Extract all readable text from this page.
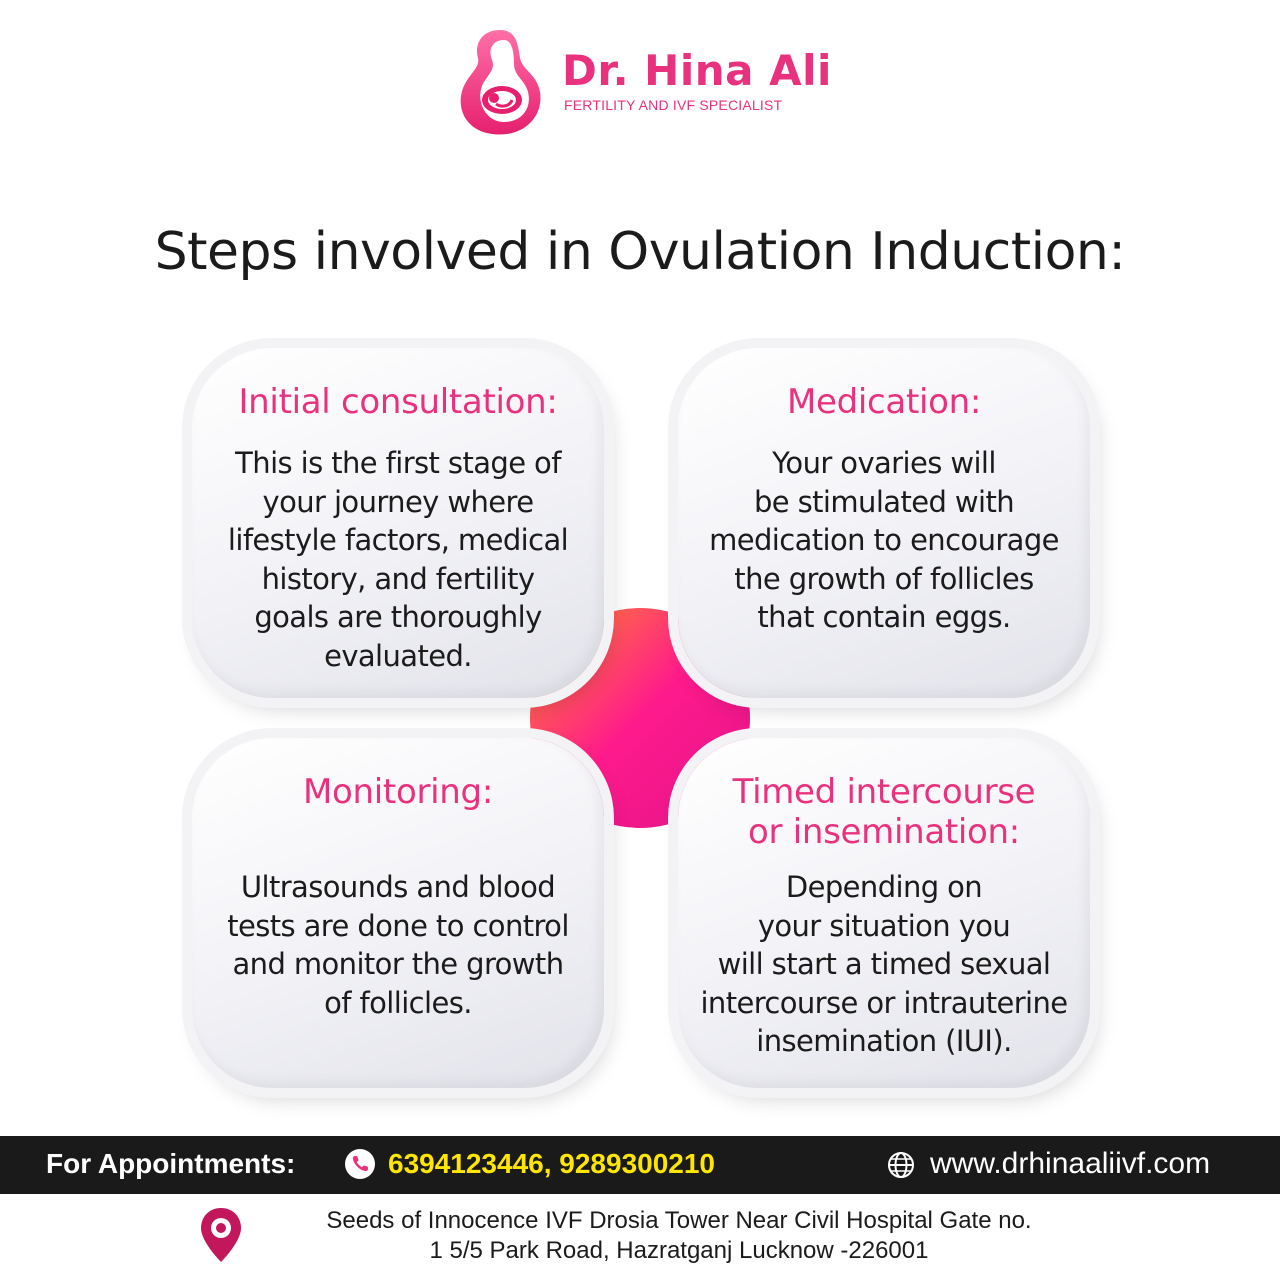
Dr. Hina Ali
FERTILITY AND IVF SPECIALIST
Steps involved in Ovulation Induction:
Initial consultation:
This is the first stage of
your journey where
lifestyle factors, medical
history, and fertility
goals are thoroughly
evaluated.
Medication:
Your ovaries will
be stimulated with
medication to encourage
the growth of follicles
that contain eggs.
Monitoring:
Ultrasounds and blood
tests are done to control
and monitor the growth
of follicles.
Timed intercourse
or insemination:
Depending on
your situation you
will start a timed sexual
intercourse or intrauterine
insemination (IUI).
For Appointments:	6394123446, 9289300210	www.drhinaaliivf.com
Seeds of Innocence IVF Drosia Tower Near Civil Hospital Gate no.
1 5/5 Park Road, Hazratganj Lucknow -226001
